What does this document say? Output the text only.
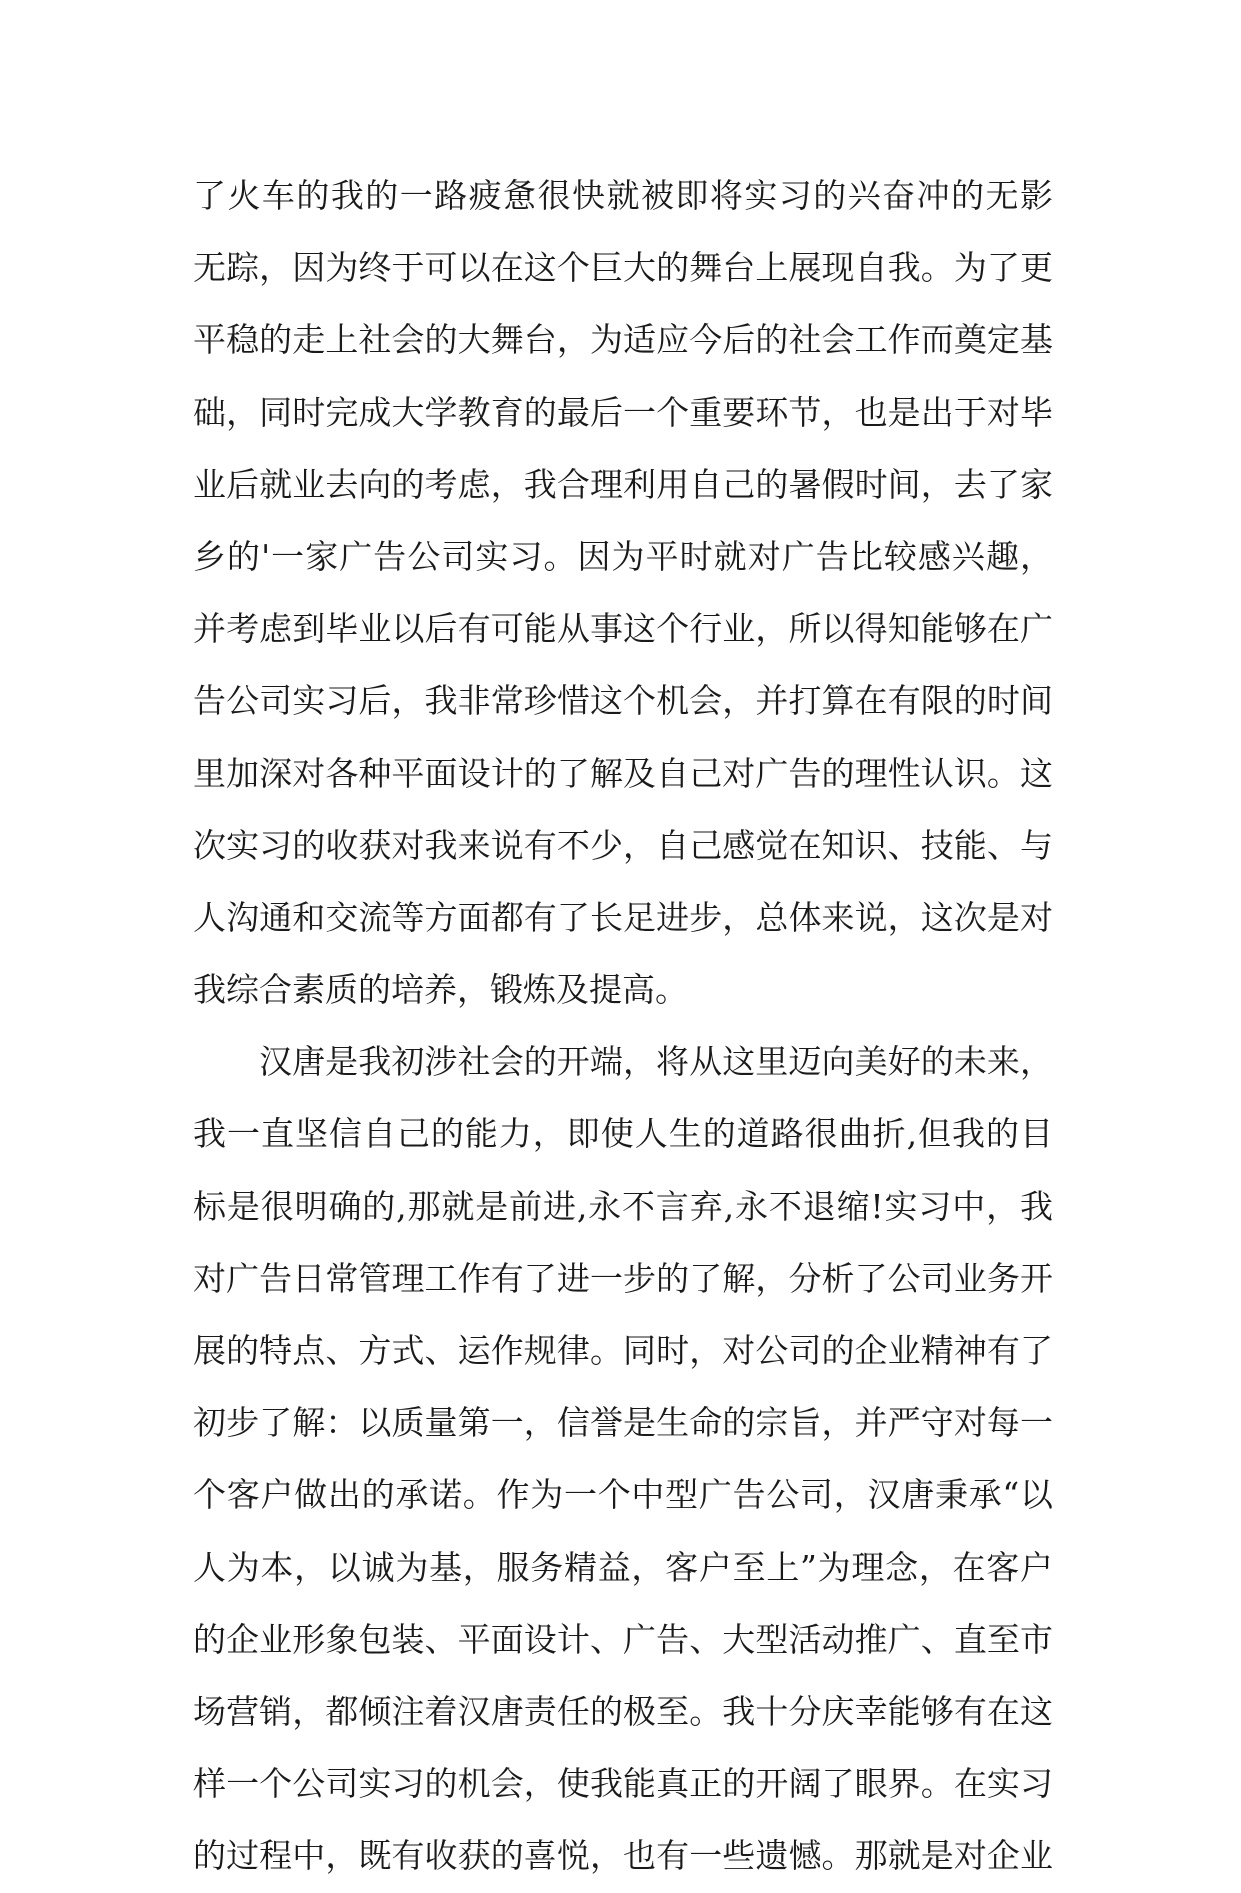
了火车的我的一路疲惫很快就被即将实习的兴奋冲的无影
无踪，因为终于可以在这个巨大的舞台上展现自我。为了更
平稳的走上社会的大舞台，为适应今后的社会工作而奠定基
础，同时完成大学教育的最后一个重要环节，也是出于对毕
业后就业去向的考虑，我合理利用自己的暑假时间，去了家
乡的'一家广告公司实习。因为平时就对广告比较感兴趣，
并考虑到毕业以后有可能从事这个行业，所以得知能够在广
告公司实习后，我非常珍惜这个机会，并打算在有限的时间
里加深对各种平面设计的了解及自己对广告的理性认识。这
次实习的收获对我来说有不少，自己感觉在知识、技能、与
人沟通和交流等方面都有了长足进步，总体来说，这次是对
我综合素质的培养，锻炼及提高。
汉唐是我初涉社会的开端，将从这里迈向美好的未来，
我一直坚信自己的能力，即使人生的道路很曲折,但我的目
标是很明确的,那就是前进,永不言弃,永不退缩!实习中，我
对广告日常管理工作有了进一步的了解，分析了公司业务开
展的特点、方式、运作规律。同时，对公司的企业精神有了
初步了解：以质量第一，信誉是生命的宗旨，并严守对每一
个客户做出的承诺。作为一个中型广告公司，汉唐秉承“以
人为本，以诚为基，服务精益，客户至上”为理念，在客户
的企业形象包装、平面设计、广告、大型活动推广、直至市
场营销，都倾注着汉唐责任的极至。我十分庆幸能够有在这
样一个公司实习的机会，使我能真正的开阔了眼界。在实习
的过程中，既有收获的喜悦，也有一些遗憾。那就是对企业
